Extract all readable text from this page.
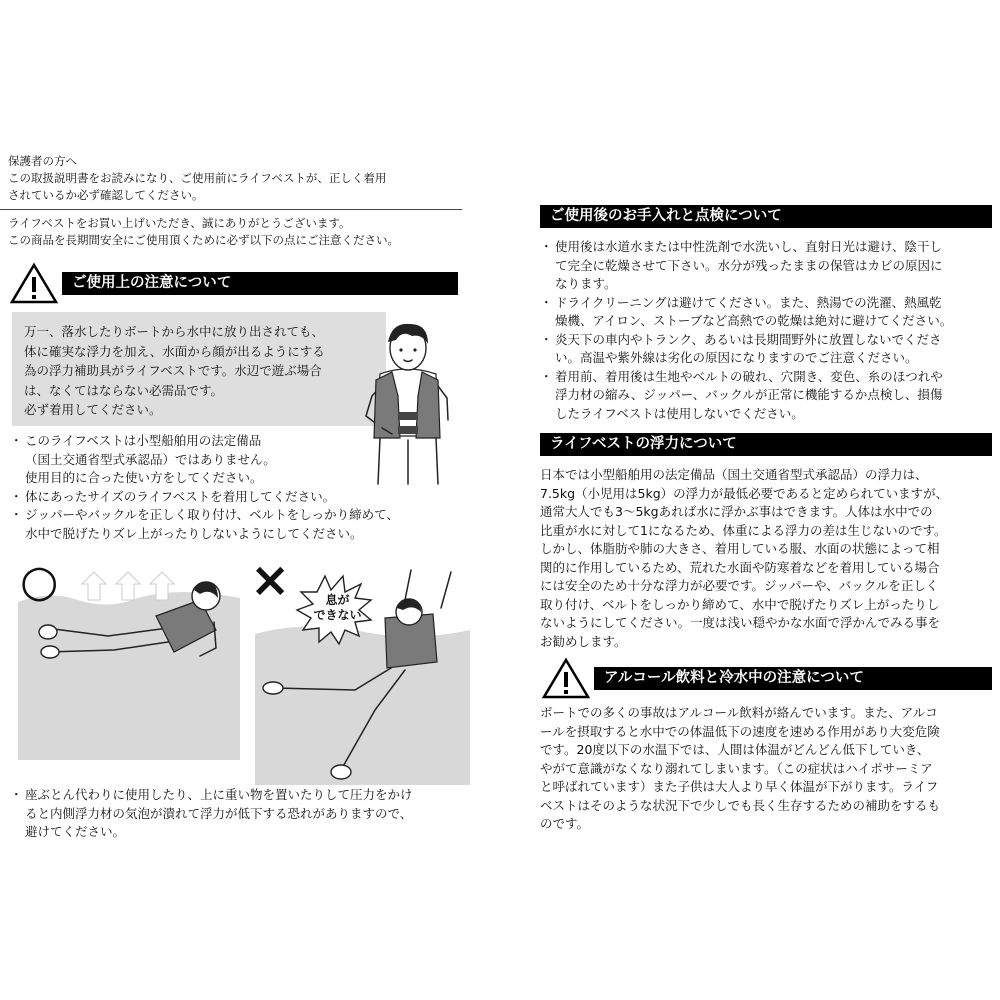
保護者の方へ
この取扱説明書をお読みになり、ご使用前にライフベストが、正しく着用
されているか必ず確認してください。
ライフベストをお買い上げいただき、誠にありがとうございます。
この商品を長期間安全にご使用頂くために必ず以下の点にご注意ください。
ご使用上の注意について
万一、落水したりボートから水中に放り出されても、
体に確実な浮力を加え、水面から顔が出るようにする
為の浮力補助具がライフベストです。水辺で遊ぶ場合
は、なくてはならない必需品です。
必ず着用してください。
・ このライフベストは小型船舶用の法定備品
（国土交通省型式承認品）ではありません。
使用目的に合った使い方をしてください。
・ 体にあったサイズのライフベストを着用してください。
・ ジッパーやバックルを正しく取り付け、ベルトをしっかり締めて、
水中で脱げたりズレ上がったりしないようにしてください。
○	×	息が
できない
・ 座ぶとん代わりに使用したり、上に重い物を置いたりして圧力をかけ
ると内側浮力材の気泡が潰れて浮力が低下する恐れがありますので、
避けてください。
ご使用後のお手入れと点検について
・ 使用後は水道水または中性洗剤で水洗いし、直射日光は避け、陰干し
て完全に乾燥させて下さい。水分が残ったままの保管はカビの原因に
なります。
・ ドライクリーニングは避けてください。また、熱湯での洗濯、熱風乾
燥機、アイロン、ストーブなど高熱での乾燥は絶対に避けてください。
・ 炎天下の車内やトランク、あるいは長期間野外に放置しないでくださ
い。高温や紫外線は劣化の原因になりますのでご注意ください。
・ 着用前、着用後は生地やベルトの破れ、穴開き、変色、糸のほつれや
浮力材の縮み、ジッパー、バックルが正常に機能するか点検し、損傷
したライフベストは使用しないでください。
ライフベストの浮力について
日本では小型船舶用の法定備品（国土交通省型式承認品）の浮力は、
7.5kg（小児用は5kg）の浮力が最低必要であると定められていますが、
通常大人でも3～5kgあれば水に浮かぶ事はできます。人体は水中での
比重が水に対して1になるため、体重による浮力の差は生じないのです。
しかし、体脂肪や肺の大きさ、着用している服、水面の状態によって相
関的に作用しているため、荒れた水面や防寒着などを着用している場合
には安全のため十分な浮力が必要です。ジッパーや、バックルを正しく
取り付け、ベルトをしっかり締めて、水中で脱げたりズレ上がったりし
ないようにしてください。一度は浅い穏やかな水面で浮かんでみる事を
お勧めします。
アルコール飲料と冷水中の注意について
ボートでの多くの事故はアルコール飲料が絡んでいます。また、アルコ
ールを摂取すると水中での体温低下の速度を速める作用があり大変危険
です。20度以下の水温下では、人間は体温がどんどん低下していき、
やがて意識がなくなり溺れてしまいます。（この症状はハイポサーミア
と呼ばれています）また子供は大人より早く体温が下がります。ライフ
ベストはそのような状況下で少しでも長く生存するための補助をするも
のです。
